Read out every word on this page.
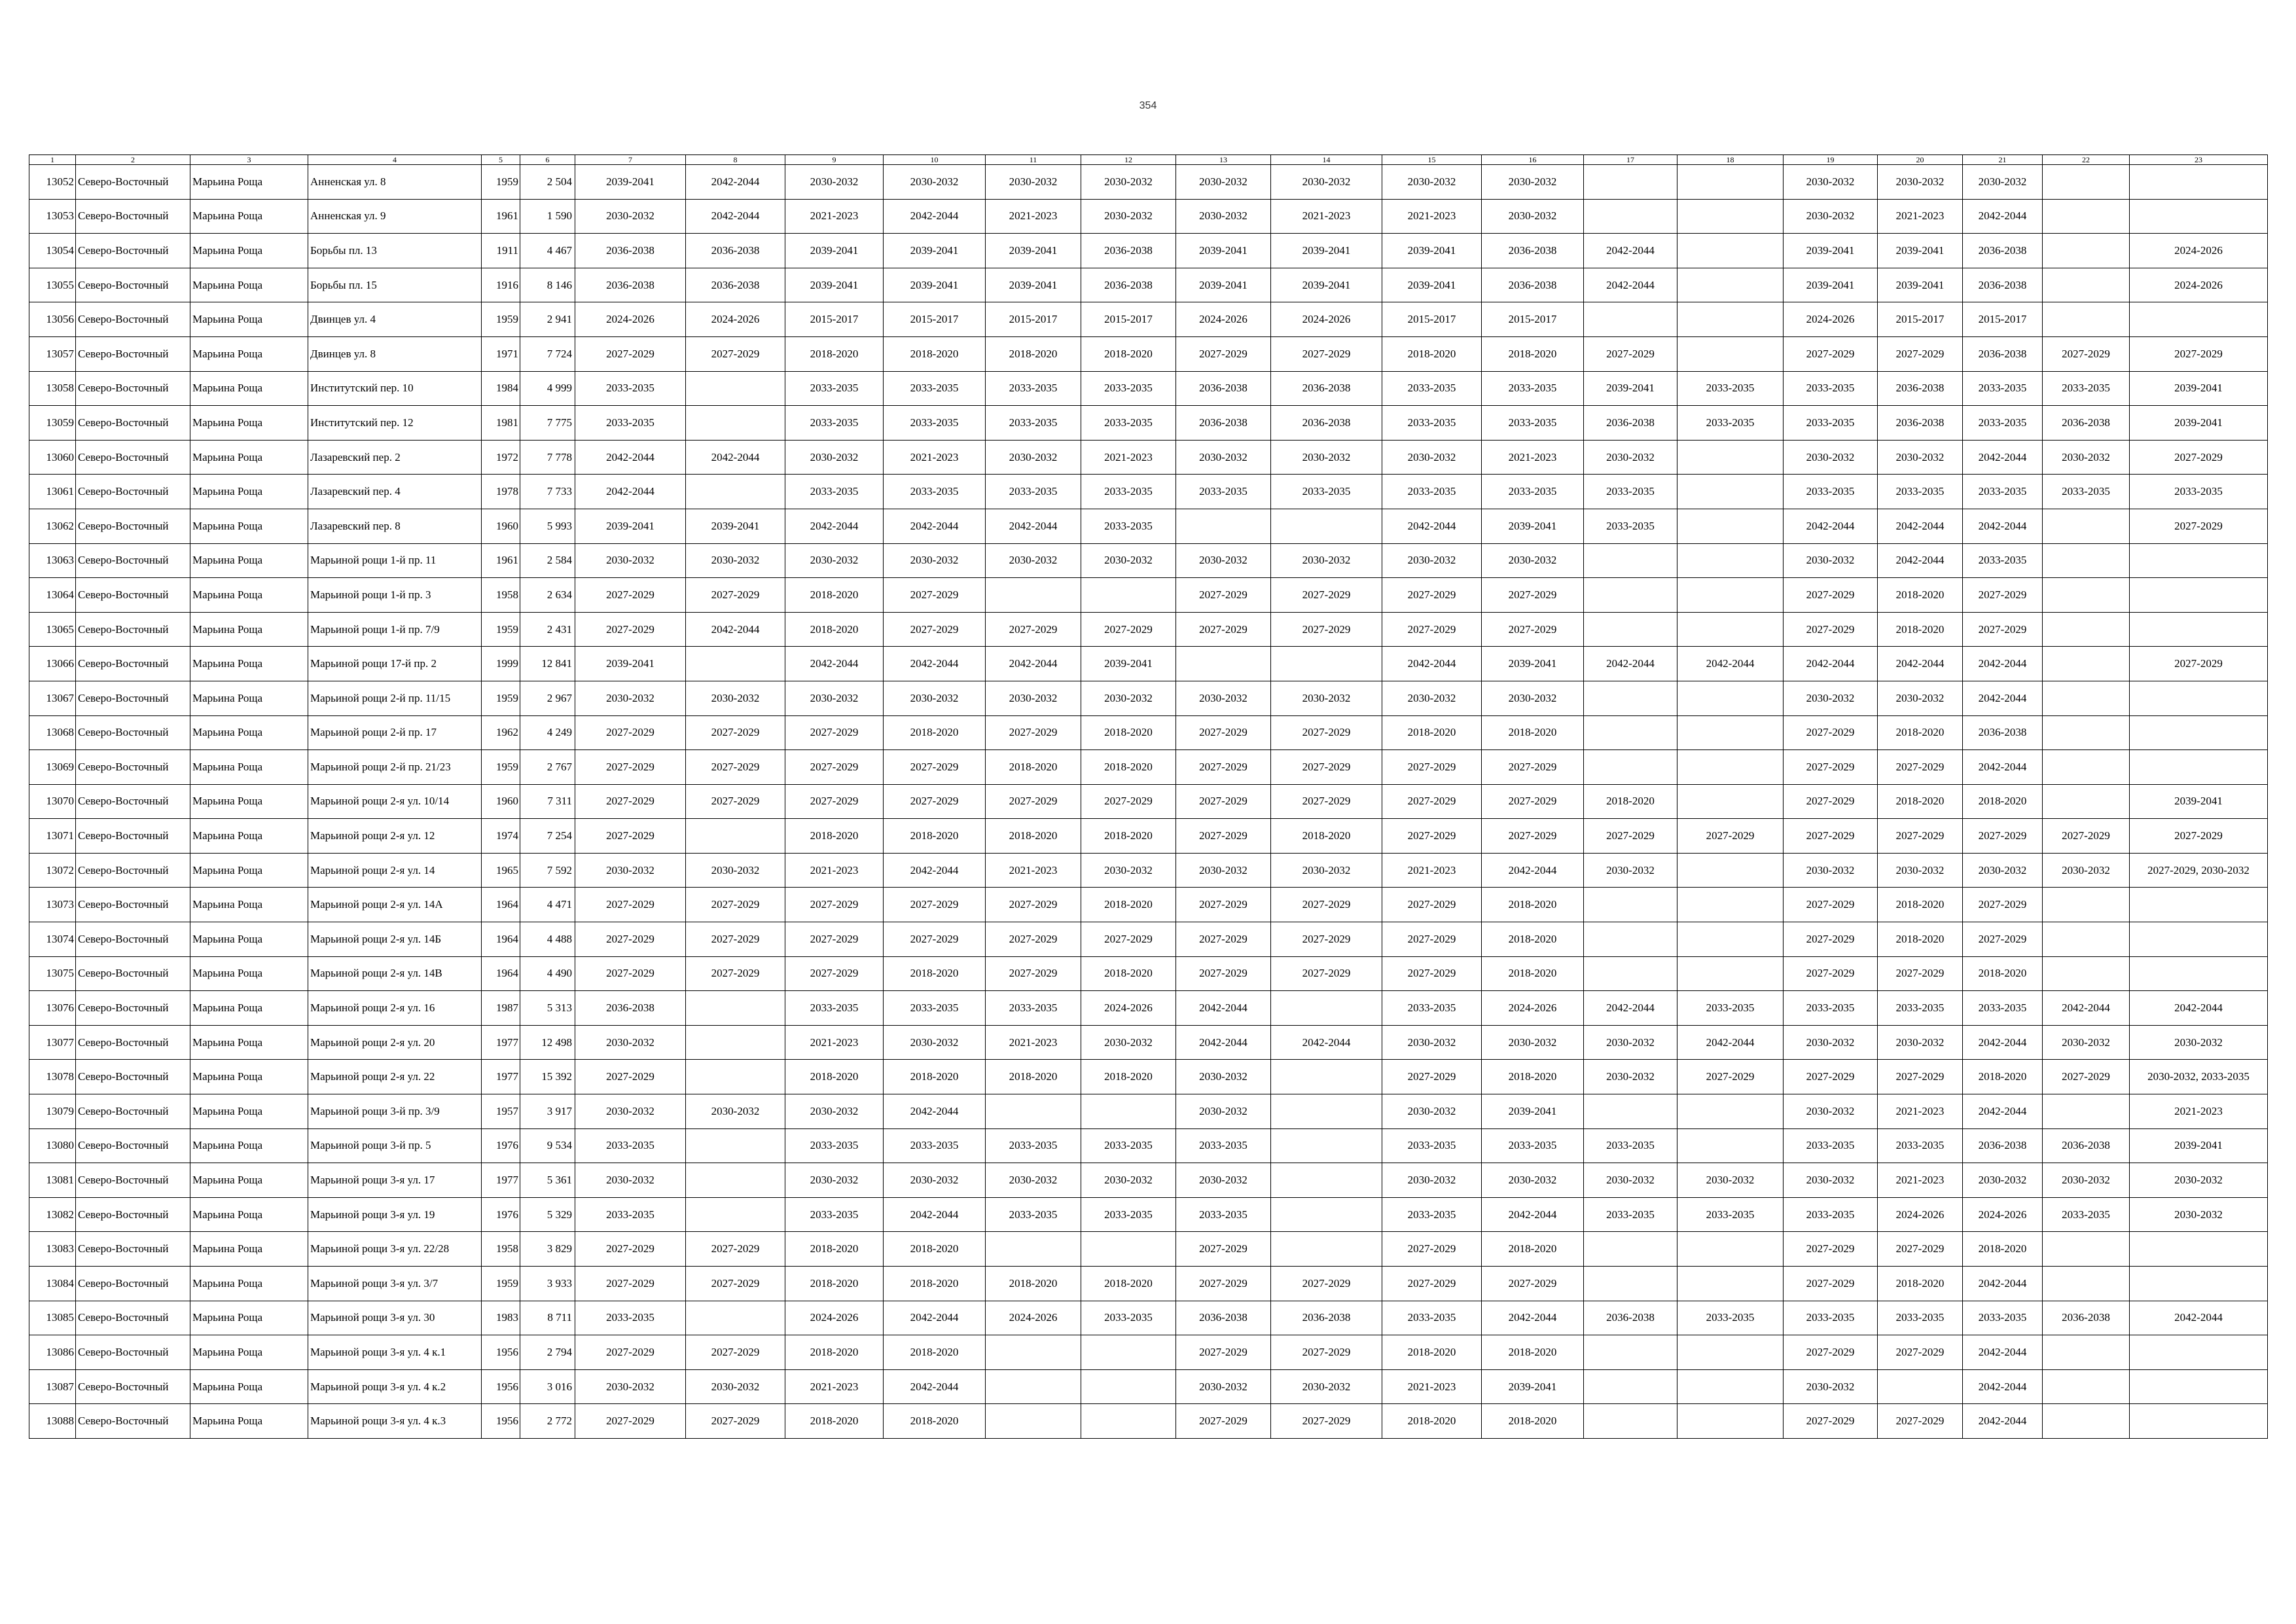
354
1	2	3	4	5	6	7	8	9	10	11	12	13	14	15	16	17	18	19	20	21	22	23
13052	Северо-Восточный	Марьина Роща	Анненская ул. 8	1959	2 504	2039-2041	2042-2044	2030-2032	2030-2032	2030-2032	2030-2032	2030-2032	2030-2032	2030-2032	2030-2032			2030-2032	2030-2032	2030-2032		
13053	Северо-Восточный	Марьина Роща	Анненская ул. 9	1961	1 590	2030-2032	2042-2044	2021-2023	2042-2044	2021-2023	2030-2032	2030-2032	2021-2023	2021-2023	2030-2032			2030-2032	2021-2023	2042-2044		
13054	Северо-Восточный	Марьина Роща	Борьбы пл. 13	1911	4 467	2036-2038	2036-2038	2039-2041	2039-2041	2039-2041	2036-2038	2039-2041	2039-2041	2039-2041	2036-2038	2042-2044		2039-2041	2039-2041	2036-2038		2024-2026
13055	Северо-Восточный	Марьина Роща	Борьбы пл. 15	1916	8 146	2036-2038	2036-2038	2039-2041	2039-2041	2039-2041	2036-2038	2039-2041	2039-2041	2039-2041	2036-2038	2042-2044		2039-2041	2039-2041	2036-2038		2024-2026
13056	Северо-Восточный	Марьина Роща	Двинцев ул. 4	1959	2 941	2024-2026	2024-2026	2015-2017	2015-2017	2015-2017	2015-2017	2024-2026	2024-2026	2015-2017	2015-2017			2024-2026	2015-2017	2015-2017		
13057	Северо-Восточный	Марьина Роща	Двинцев ул. 8	1971	7 724	2027-2029	2027-2029	2018-2020	2018-2020	2018-2020	2018-2020	2027-2029	2027-2029	2018-2020	2018-2020	2027-2029		2027-2029	2027-2029	2036-2038	2027-2029	2027-2029
13058	Северо-Восточный	Марьина Роща	Институтский пер. 10	1984	4 999	2033-2035		2033-2035	2033-2035	2033-2035	2033-2035	2036-2038	2036-2038	2033-2035	2033-2035	2039-2041	2033-2035	2033-2035	2036-2038	2033-2035	2033-2035	2039-2041
13059	Северо-Восточный	Марьина Роща	Институтский пер. 12	1981	7 775	2033-2035		2033-2035	2033-2035	2033-2035	2033-2035	2036-2038	2036-2038	2033-2035	2033-2035	2036-2038	2033-2035	2033-2035	2036-2038	2033-2035	2036-2038	2039-2041
13060	Северо-Восточный	Марьина Роща	Лазаревский пер. 2	1972	7 778	2042-2044	2042-2044	2030-2032	2021-2023	2030-2032	2021-2023	2030-2032	2030-2032	2030-2032	2021-2023	2030-2032		2030-2032	2030-2032	2042-2044	2030-2032	2027-2029
13061	Северо-Восточный	Марьина Роща	Лазаревский пер. 4	1978	7 733	2042-2044		2033-2035	2033-2035	2033-2035	2033-2035	2033-2035	2033-2035	2033-2035	2033-2035	2033-2035		2033-2035	2033-2035	2033-2035	2033-2035	2033-2035
13062	Северо-Восточный	Марьина Роща	Лазаревский пер. 8	1960	5 993	2039-2041	2039-2041	2042-2044	2042-2044	2042-2044	2033-2035			2042-2044	2039-2041	2033-2035		2042-2044	2042-2044	2042-2044		2027-2029
13063	Северо-Восточный	Марьина Роща	Марьиной рощи 1-й пр. 11	1961	2 584	2030-2032	2030-2032	2030-2032	2030-2032	2030-2032	2030-2032	2030-2032	2030-2032	2030-2032	2030-2032			2030-2032	2042-2044	2033-2035		
13064	Северо-Восточный	Марьина Роща	Марьиной рощи 1-й пр. 3	1958	2 634	2027-2029	2027-2029	2018-2020	2027-2029			2027-2029	2027-2029	2027-2029	2027-2029			2027-2029	2018-2020	2027-2029		
13065	Северо-Восточный	Марьина Роща	Марьиной рощи 1-й пр. 7/9	1959	2 431	2027-2029	2042-2044	2018-2020	2027-2029	2027-2029	2027-2029	2027-2029	2027-2029	2027-2029	2027-2029			2027-2029	2018-2020	2027-2029		
13066	Северо-Восточный	Марьина Роща	Марьиной рощи 17-й пр. 2	1999	12 841	2039-2041		2042-2044	2042-2044	2042-2044	2039-2041			2042-2044	2039-2041	2042-2044	2042-2044	2042-2044	2042-2044	2042-2044		2027-2029
13067	Северо-Восточный	Марьина Роща	Марьиной рощи 2-й пр. 11/15	1959	2 967	2030-2032	2030-2032	2030-2032	2030-2032	2030-2032	2030-2032	2030-2032	2030-2032	2030-2032	2030-2032			2030-2032	2030-2032	2042-2044		
13068	Северо-Восточный	Марьина Роща	Марьиной рощи 2-й пр. 17	1962	4 249	2027-2029	2027-2029	2027-2029	2018-2020	2027-2029	2018-2020	2027-2029	2027-2029	2018-2020	2018-2020			2027-2029	2018-2020	2036-2038		
13069	Северо-Восточный	Марьина Роща	Марьиной рощи 2-й пр. 21/23	1959	2 767	2027-2029	2027-2029	2027-2029	2027-2029	2018-2020	2018-2020	2027-2029	2027-2029	2027-2029	2027-2029			2027-2029	2027-2029	2042-2044		
13070	Северо-Восточный	Марьина Роща	Марьиной рощи 2-я ул. 10/14	1960	7 311	2027-2029	2027-2029	2027-2029	2027-2029	2027-2029	2027-2029	2027-2029	2027-2029	2027-2029	2027-2029	2018-2020		2027-2029	2018-2020	2018-2020		2039-2041
13071	Северо-Восточный	Марьина Роща	Марьиной рощи 2-я ул. 12	1974	7 254	2027-2029		2018-2020	2018-2020	2018-2020	2018-2020	2027-2029	2018-2020	2027-2029	2027-2029	2027-2029	2027-2029	2027-2029	2027-2029	2027-2029	2027-2029	2027-2029
13072	Северо-Восточный	Марьина Роща	Марьиной рощи 2-я ул. 14	1965	7 592	2030-2032	2030-2032	2021-2023	2042-2044	2021-2023	2030-2032	2030-2032	2030-2032	2021-2023	2042-2044	2030-2032		2030-2032	2030-2032	2030-2032	2030-2032	2027-2029, 2030-2032
13073	Северо-Восточный	Марьина Роща	Марьиной рощи 2-я ул. 14А	1964	4 471	2027-2029	2027-2029	2027-2029	2027-2029	2027-2029	2018-2020	2027-2029	2027-2029	2027-2029	2018-2020			2027-2029	2018-2020	2027-2029		
13074	Северо-Восточный	Марьина Роща	Марьиной рощи 2-я ул. 14Б	1964	4 488	2027-2029	2027-2029	2027-2029	2027-2029	2027-2029	2027-2029	2027-2029	2027-2029	2027-2029	2018-2020			2027-2029	2018-2020	2027-2029		
13075	Северо-Восточный	Марьина Роща	Марьиной рощи 2-я ул. 14В	1964	4 490	2027-2029	2027-2029	2027-2029	2018-2020	2027-2029	2018-2020	2027-2029	2027-2029	2027-2029	2018-2020			2027-2029	2027-2029	2018-2020		
13076	Северо-Восточный	Марьина Роща	Марьиной рощи 2-я ул. 16	1987	5 313	2036-2038		2033-2035	2033-2035	2033-2035	2024-2026	2042-2044		2033-2035	2024-2026	2042-2044	2033-2035	2033-2035	2033-2035	2033-2035	2042-2044	2042-2044
13077	Северо-Восточный	Марьина Роща	Марьиной рощи 2-я ул. 20	1977	12 498	2030-2032		2021-2023	2030-2032	2021-2023	2030-2032	2042-2044	2042-2044	2030-2032	2030-2032	2030-2032	2042-2044	2030-2032	2030-2032	2042-2044	2030-2032	2030-2032
13078	Северо-Восточный	Марьина Роща	Марьиной рощи 2-я ул. 22	1977	15 392	2027-2029		2018-2020	2018-2020	2018-2020	2018-2020	2030-2032		2027-2029	2018-2020	2030-2032	2027-2029	2027-2029	2027-2029	2018-2020	2027-2029	2030-2032, 2033-2035
13079	Северо-Восточный	Марьина Роща	Марьиной рощи 3-й пр. 3/9	1957	3 917	2030-2032	2030-2032	2030-2032	2042-2044			2030-2032		2030-2032	2039-2041			2030-2032	2021-2023	2042-2044		2021-2023
13080	Северо-Восточный	Марьина Роща	Марьиной рощи 3-й пр. 5	1976	9 534	2033-2035		2033-2035	2033-2035	2033-2035	2033-2035	2033-2035		2033-2035	2033-2035	2033-2035		2033-2035	2033-2035	2036-2038	2036-2038	2039-2041
13081	Северо-Восточный	Марьина Роща	Марьиной рощи 3-я ул. 17	1977	5 361	2030-2032		2030-2032	2030-2032	2030-2032	2030-2032	2030-2032		2030-2032	2030-2032	2030-2032	2030-2032	2030-2032	2021-2023	2030-2032	2030-2032	2030-2032
13082	Северо-Восточный	Марьина Роща	Марьиной рощи 3-я ул. 19	1976	5 329	2033-2035		2033-2035	2042-2044	2033-2035	2033-2035	2033-2035		2033-2035	2042-2044	2033-2035	2033-2035	2033-2035	2024-2026	2024-2026	2033-2035	2030-2032
13083	Северо-Восточный	Марьина Роща	Марьиной рощи 3-я ул. 22/28	1958	3 829	2027-2029	2027-2029	2018-2020	2018-2020			2027-2029		2027-2029	2018-2020			2027-2029	2027-2029	2018-2020		
13084	Северо-Восточный	Марьина Роща	Марьиной рощи 3-я ул. 3/7	1959	3 933	2027-2029	2027-2029	2018-2020	2018-2020	2018-2020	2018-2020	2027-2029	2027-2029	2027-2029	2027-2029			2027-2029	2018-2020	2042-2044		
13085	Северо-Восточный	Марьина Роща	Марьиной рощи 3-я ул. 30	1983	8 711	2033-2035		2024-2026	2042-2044	2024-2026	2033-2035	2036-2038	2036-2038	2033-2035	2042-2044	2036-2038	2033-2035	2033-2035	2033-2035	2033-2035	2036-2038	2042-2044
13086	Северо-Восточный	Марьина Роща	Марьиной рощи 3-я ул. 4 к.1	1956	2 794	2027-2029	2027-2029	2018-2020	2018-2020			2027-2029	2027-2029	2018-2020	2018-2020			2027-2029	2027-2029	2042-2044		
13087	Северо-Восточный	Марьина Роща	Марьиной рощи 3-я ул. 4 к.2	1956	3 016	2030-2032	2030-2032	2021-2023	2042-2044			2030-2032	2030-2032	2021-2023	2039-2041			2030-2032		2042-2044		
13088	Северо-Восточный	Марьина Роща	Марьиной рощи 3-я ул. 4 к.3	1956	2 772	2027-2029	2027-2029	2018-2020	2018-2020			2027-2029	2027-2029	2018-2020	2018-2020			2027-2029	2027-2029	2042-2044		
